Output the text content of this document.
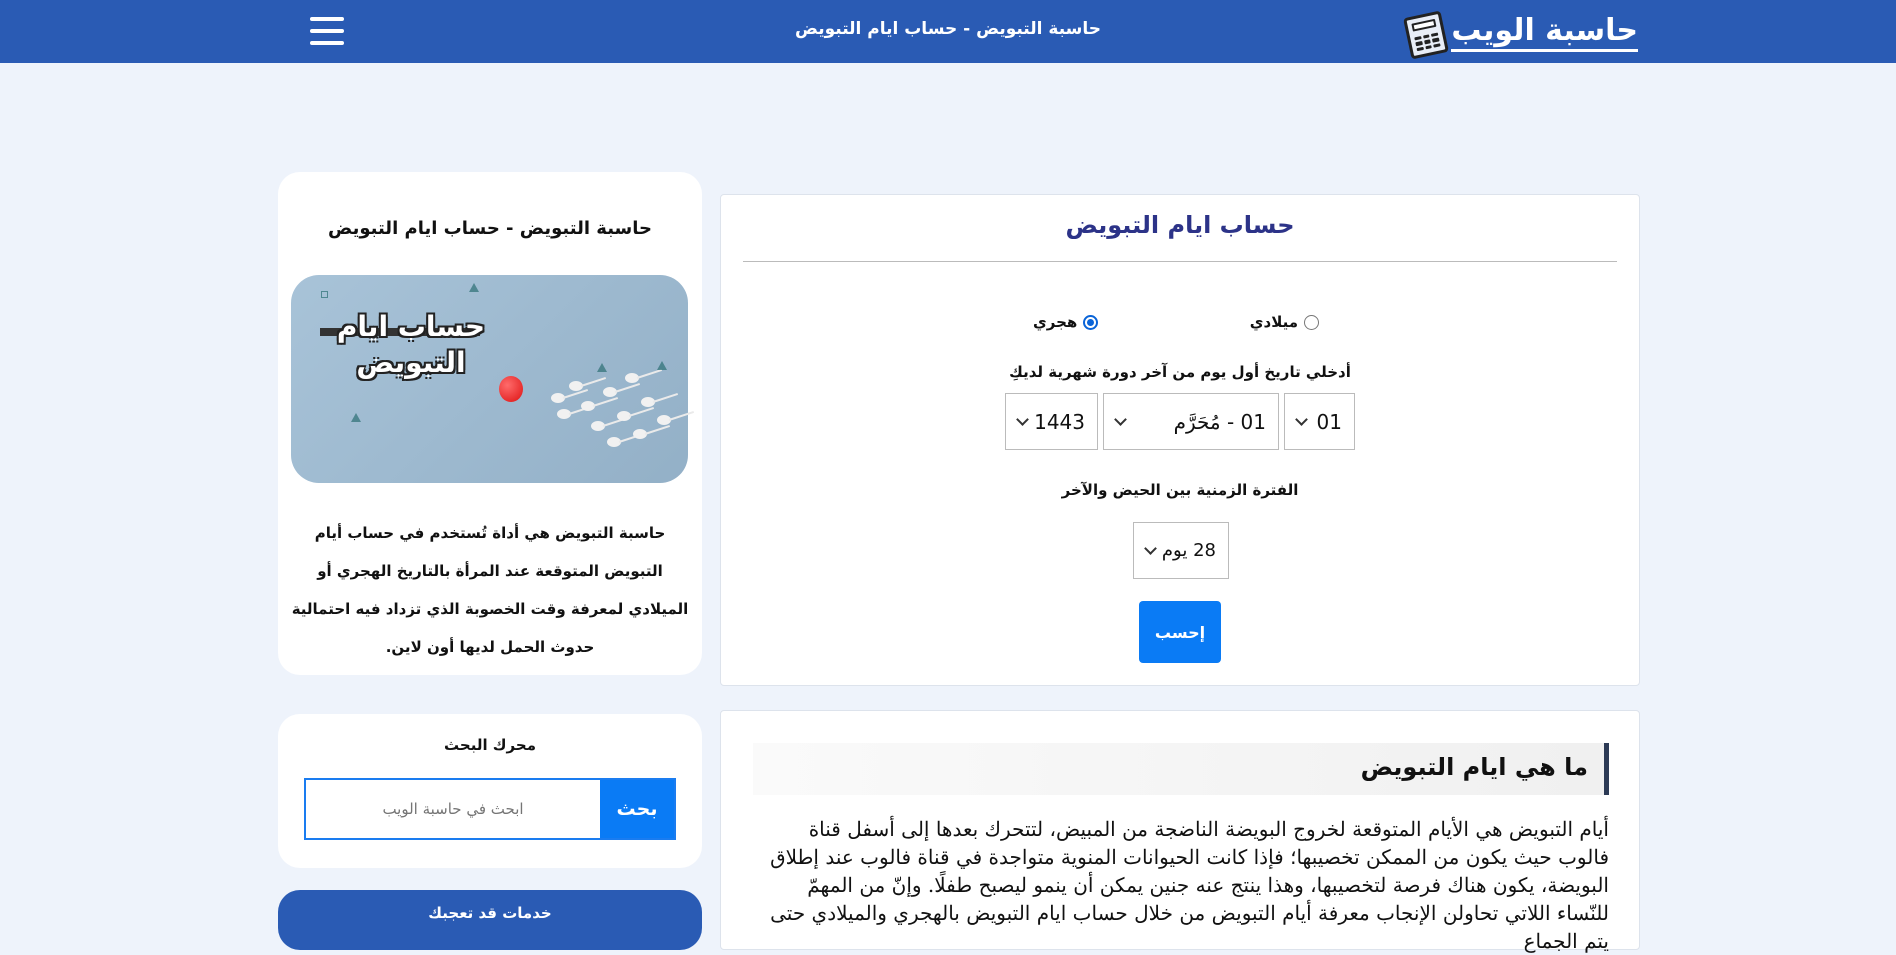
حاسبة الويب
حاسبة التبويض - حساب ايام التبويض
حاسبة التبويض - حساب ايام التبويض
حساب ايام التبويض
حاسبة التبويض هي أداة تُستخدم في حساب أيام التبويض المتوقعة عند المرأة بالتاريخ الهجري أو الميلادي لمعرفة وقت الخصوبة الذي تزداد فيه احتمالية حدوث الحمل لديها أون لاين.
محرك البحث
بحث
ابحث في حاسبة الويب
خدمات قد تعجبك
حساب ايام التبويض
ميلادي
هجري
أدخلي تاريخ أول يوم من آخر دورة شهرية لديكِ
01
01 - مُحَرَّم
1443
الفترة الزمنية بين الحيض والآخر
28 يوم
إحسب
ما هي ايام التبويض

أيام التبويض هي الأيام المتوقعة لخروج البويضة الناضجة من المبيض، لتتحرك بعدها إلى أسفل قناة فالوب حيث يكون من الممكن تخصيبها؛ فإذا كانت الحيوانات المنوية متواجدة في قناة فالوب عند إطلاق البويضة، يكون هناك فرصة لتخصيبها، وهذا ينتج عنه جنين يمكن أن ينمو ليصبح طفلًا. وإنّ من المهمّ للنّساء اللاتي تحاولن الإنجاب معرفة أيام التبويض من خلال حساب ايام التبويض بالهجري والميلادي حتى يتم الجماع
